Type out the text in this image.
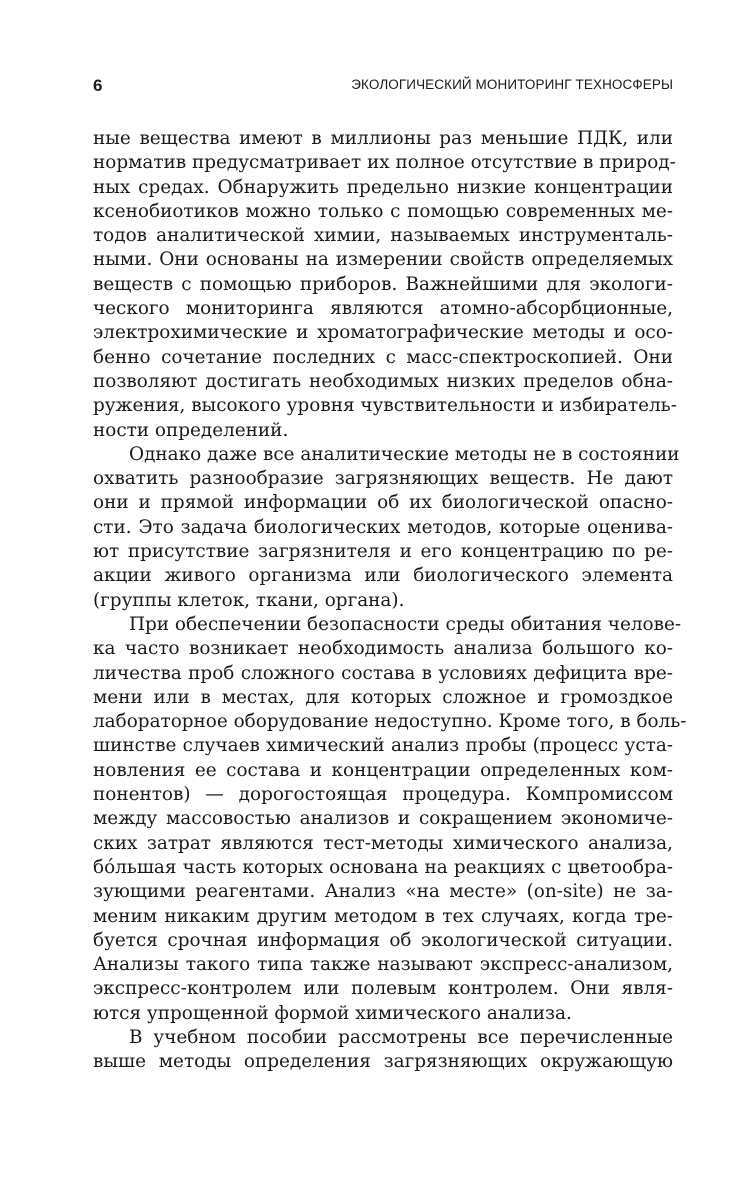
6	ЭКОЛОГИЧЕСКИЙ МОНИТОРИНГ ТЕХНОСФЕРЫ
ные вещества имеют в миллионы раз меньшие ПДК, или
норматив предусматривает их полное отсутствие в природ-
ных средах. Обнаружить предельно низкие концентрации
ксенобиотиков можно только с помощью современных ме-
тодов аналитической химии, называемых инструменталь-
ными. Они основаны на измерении свойств определяемых
веществ с помощью приборов. Важнейшими для экологи-
ческого мониторинга являются атомно-абсорбционные,
электрохимические и хроматографические методы и осо-
бенно сочетание последних с масс-спектроскопией. Они
позволяют достигать необходимых низких пределов обна-
ружения, высокого уровня чувствительности и избиратель-
ности определений.
Однако даже все аналитические методы не в состоянии
охватить разнообразие загрязняющих веществ. Не дают
они и прямой информации об их биологической опасно-
сти. Это задача биологических методов, которые оценива-
ют присутствие загрязнителя и его концентрацию по ре-
акции живого организма или биологического элемента
(группы клеток, ткани, органа).
При обеспечении безопасности среды обитания челове-
ка часто возникает необходимость анализа большого ко-
личества проб сложного состава в условиях дефицита вре-
мени или в местах, для которых сложное и громоздкое
лабораторное оборудование недоступно. Кроме того, в боль-
шинстве случаев химический анализ пробы (процесс уста-
новления ее состава и концентрации определенных ком-
понентов) — дорогостоящая процедура. Компромиссом
между массовостью анализов и сокращением экономиче-
ских затрат являются тест-методы химического анализа,
бóльшая часть которых основана на реакциях с цветообра-
зующими реагентами. Анализ «на месте» (on-site) не за-
меним никаким другим методом в тех случаях, когда тре-
буется срочная информация об экологической ситуации.
Анализы такого типа также называют экспресс-анализом,
экспресс-контролем или полевым контролем. Они явля-
ются упрощенной формой химического анализа.
В учебном пособии рассмотрены все перечисленные
выше методы определения загрязняющих окружающую
